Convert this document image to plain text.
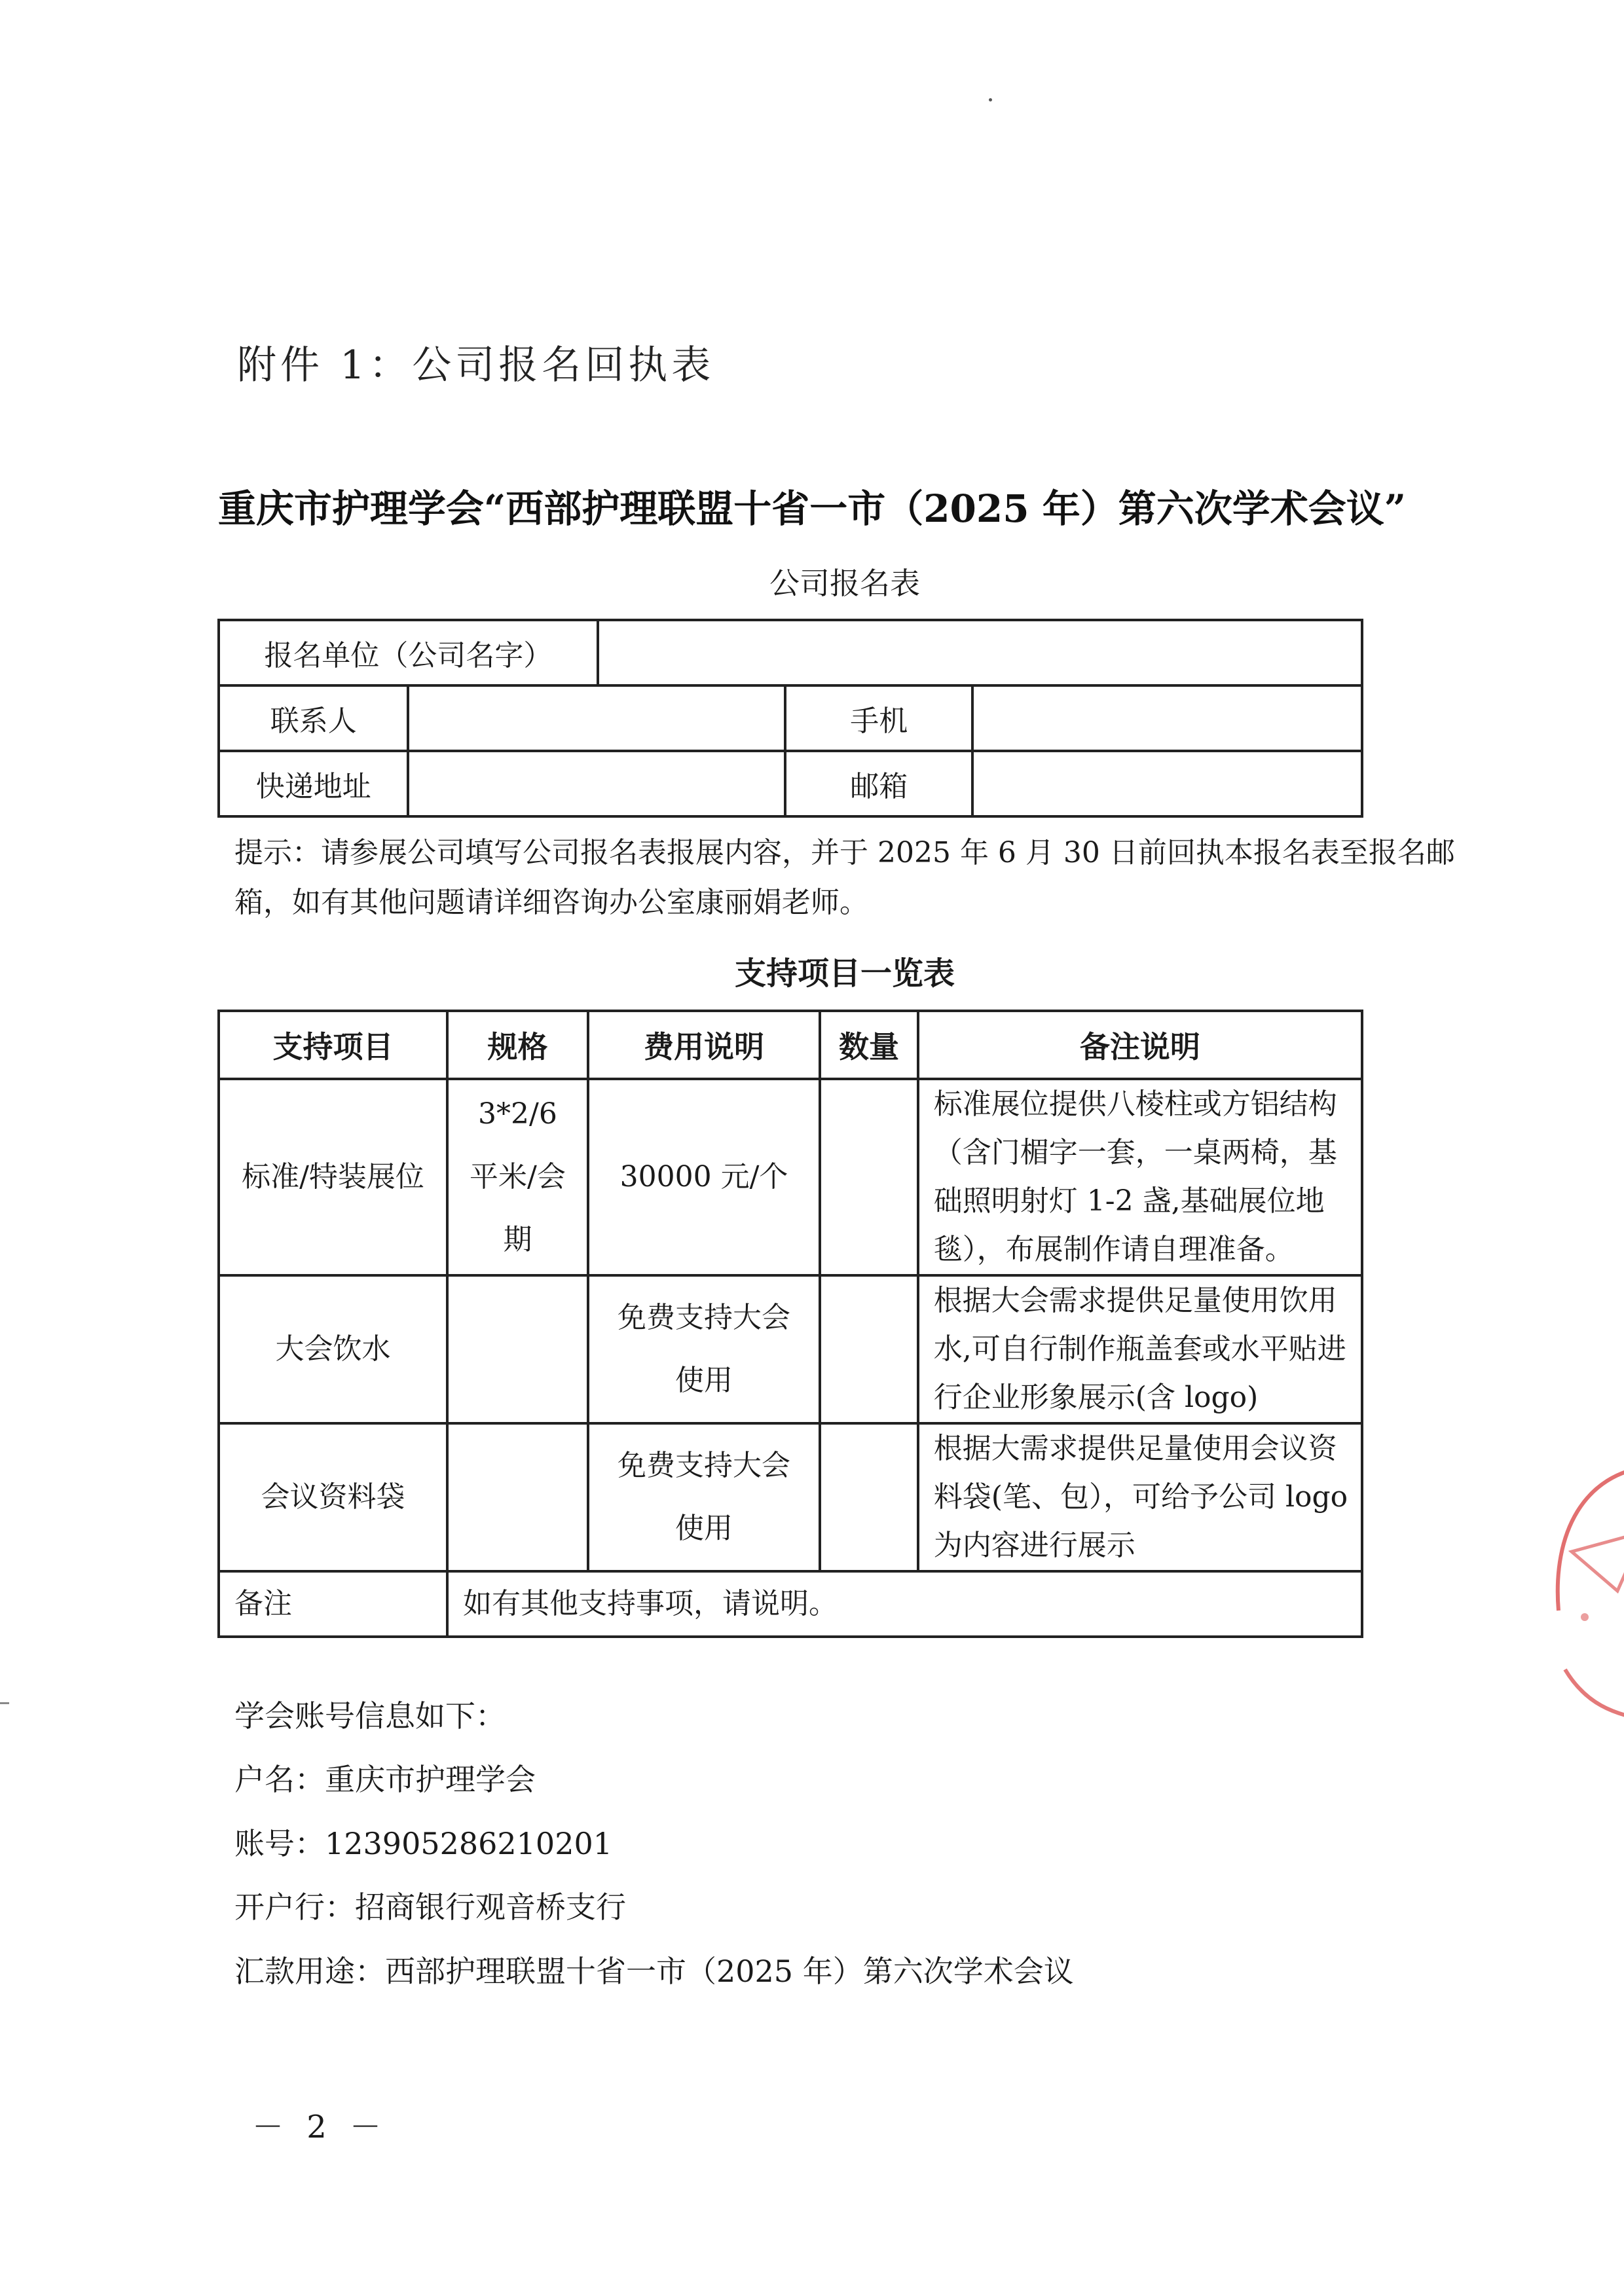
附件 1：公司报名回执表
重庆市护理学会“西部护理联盟十省一市（2025 年）第六次学术会议”
公司报名表
报名单位（公司名字）				
联系人			手机	
快递地址			邮箱	
提示：请参展公司填写公司报名表报展内容，并于 2025 年 6 月 30 日前回执本报名表至报名邮箱，如有其他问题请详细咨询办公室康丽娟老师。
支持项目一览表
支持项目	规格	费用说明	数量	备注说明
标准/特装展位	3*2/6 平米/会期	30000 元/个		标准展位提供八棱柱或方铝结构（含门楣字一套，一桌两椅，基础照明射灯 1-2 盏,基础展位地毯），布展制作请自理准备。
大会饮水		免费支持大会使用		根据大会需求提供足量使用饮用水,可自行制作瓶盖套或水平贴进行企业形象展示(含 logo)
会议资料袋		免费支持大会使用		根据大需求提供足量使用会议资料袋(笔、包），可给予公司 logo 为内容进行展示
备注	如有其他支持事项，请说明。			
学会账号信息如下：
户名：重庆市护理学会
账号：123905286210201
开户行：招商银行观音桥支行
汇款用途：西部护理联盟十省一市（2025 年）第六次学术会议
－ 2 －
